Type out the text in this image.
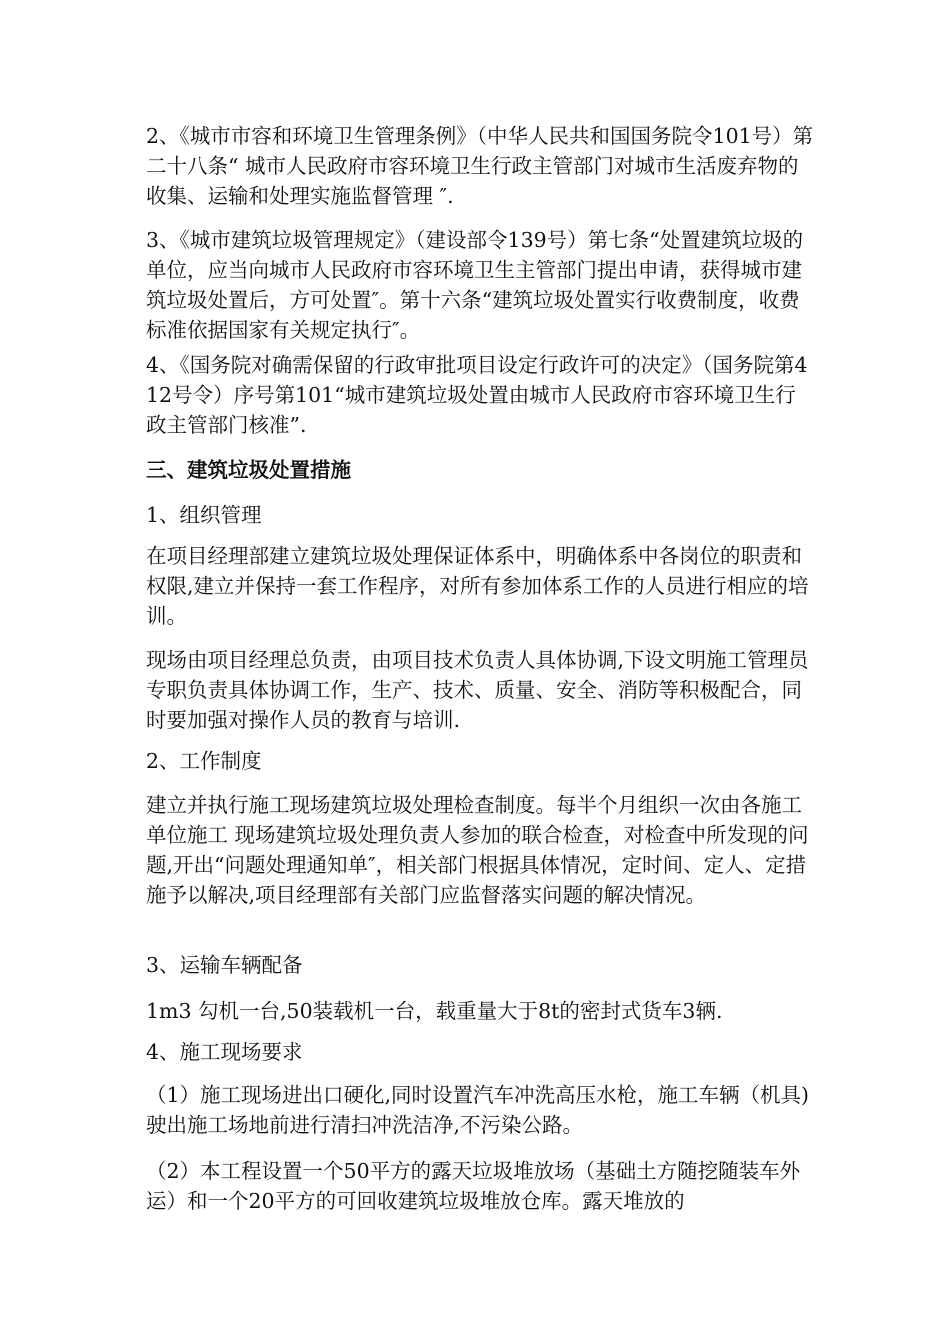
2、《城市市容和环境卫生管理条例》（中华人民共和国国务院令101号）第二十八条“ 城市人民政府市容环境卫生行政主管部门对城市生活废弃物的收集、运输和处理实施监督管理 ″.

3、《城市建筑垃圾管理规定》（建设部令139号）第七条“处置建筑垃圾的单位，应当向城市人民政府市容环境卫生主管部门提出申请，获得城市建筑垃圾处置后，方可处置″。第十六条“建筑垃圾处置实行收费制度，收费标准依据国家有关规定执行″。

4、《国务院对确需保留的行政审批项目设定行政许可的决定》（国务院第412号令）序号第101“城市建筑垃圾处置由城市人民政府市容环境卫生行政主管部门核准”.

三、建筑垃圾处置措施

1、组织管理

在项目经理部建立建筑垃圾处理保证体系中，明确体系中各岗位的职责和权限,建立并保持一套工作程序，对所有参加体系工作的人员进行相应的培训。

现场由项目经理总负责，由项目技术负责人具体协调,下设文明施工管理员专职负责具体协调工作，生产、技术、质量、安全、消防等积极配合，同时要加强对操作人员的教育与培训.

2、工作制度

建立并执行施工现场建筑垃圾处理检查制度。每半个月组织一次由各施工单位施工 现场建筑垃圾处理负责人参加的联合检查，对检查中所发现的问题,开出“问题处理通知单″，相关部门根据具体情况，定时间、定人、定措施予以解决,项目经理部有关部门应监督落实问题的解决情况。

3、运输车辆配备

1m3 勾机一台,50装载机一台，载重量大于8t的密封式货车3辆.

4、施工现场要求

（1）施工现场进出口硬化,同时设置汽车冲洗高压水枪，施工车辆（机具)驶出施工场地前进行清扫冲洗洁净,不污染公路。

（2）本工程设置一个50平方的露天垃圾堆放场（基础土方随挖随装车外运）和一个20平方的可回收建筑垃圾堆放仓库。露天堆放的
